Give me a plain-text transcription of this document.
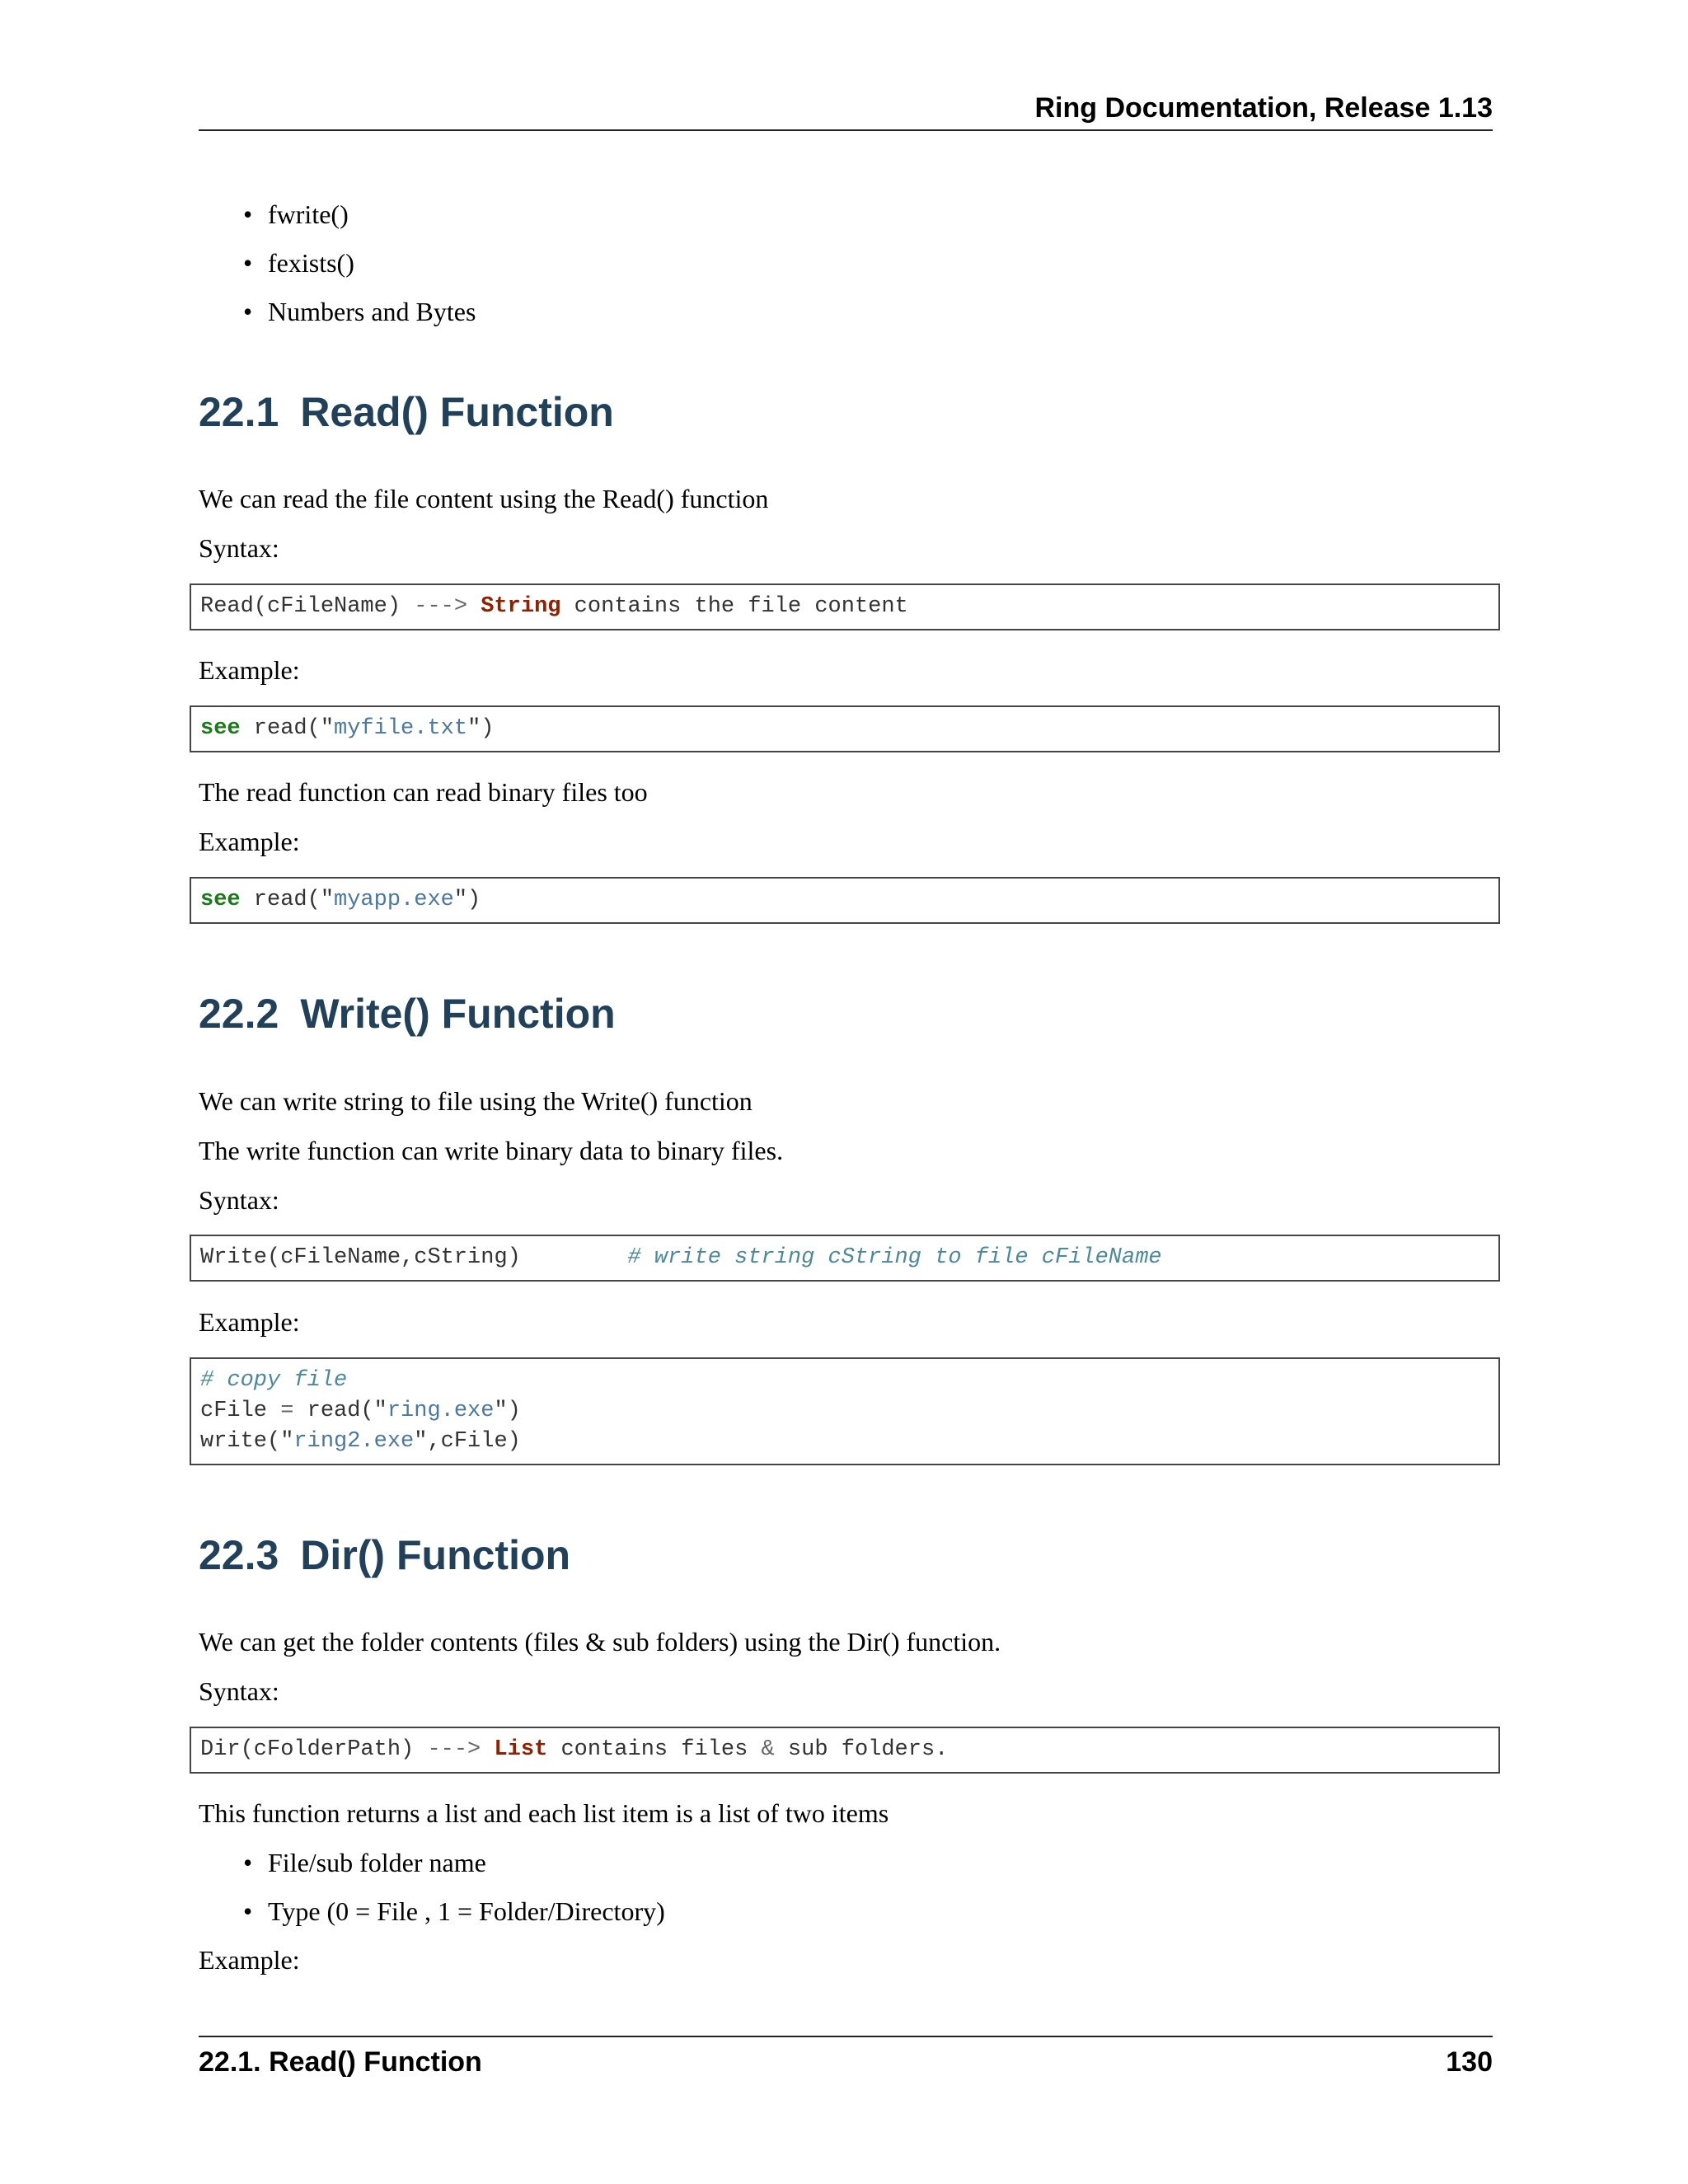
Ring Documentation, Release 1.13
• fwrite()
• fexists()
• Numbers and Bytes
22.1 Read() Function
We can read the file content using the Read() function
Syntax:
Read(cFileName) ---> String contains the file content
Example:
see read("myfile.txt")
The read function can read binary files too
Example:
see read("myapp.exe")
22.2 Write() Function
We can write string to file using the Write() function
The write function can write binary data to binary files.
Syntax:
Write(cFileName,cString)	# write string cString to file cFileName
Example:
# copy file
cFile = read("ring.exe")
write("ring2.exe",cFile)
22.3 Dir() Function
We can get the folder contents (files & sub folders) using the Dir() function.
Syntax:
Dir(cFolderPath) ---> List contains files & sub folders.
This function returns a list and each list item is a list of two items
• File/sub folder name
• Type (0 = File , 1 = Folder/Directory)
Example:
22.1. Read() Function	130
